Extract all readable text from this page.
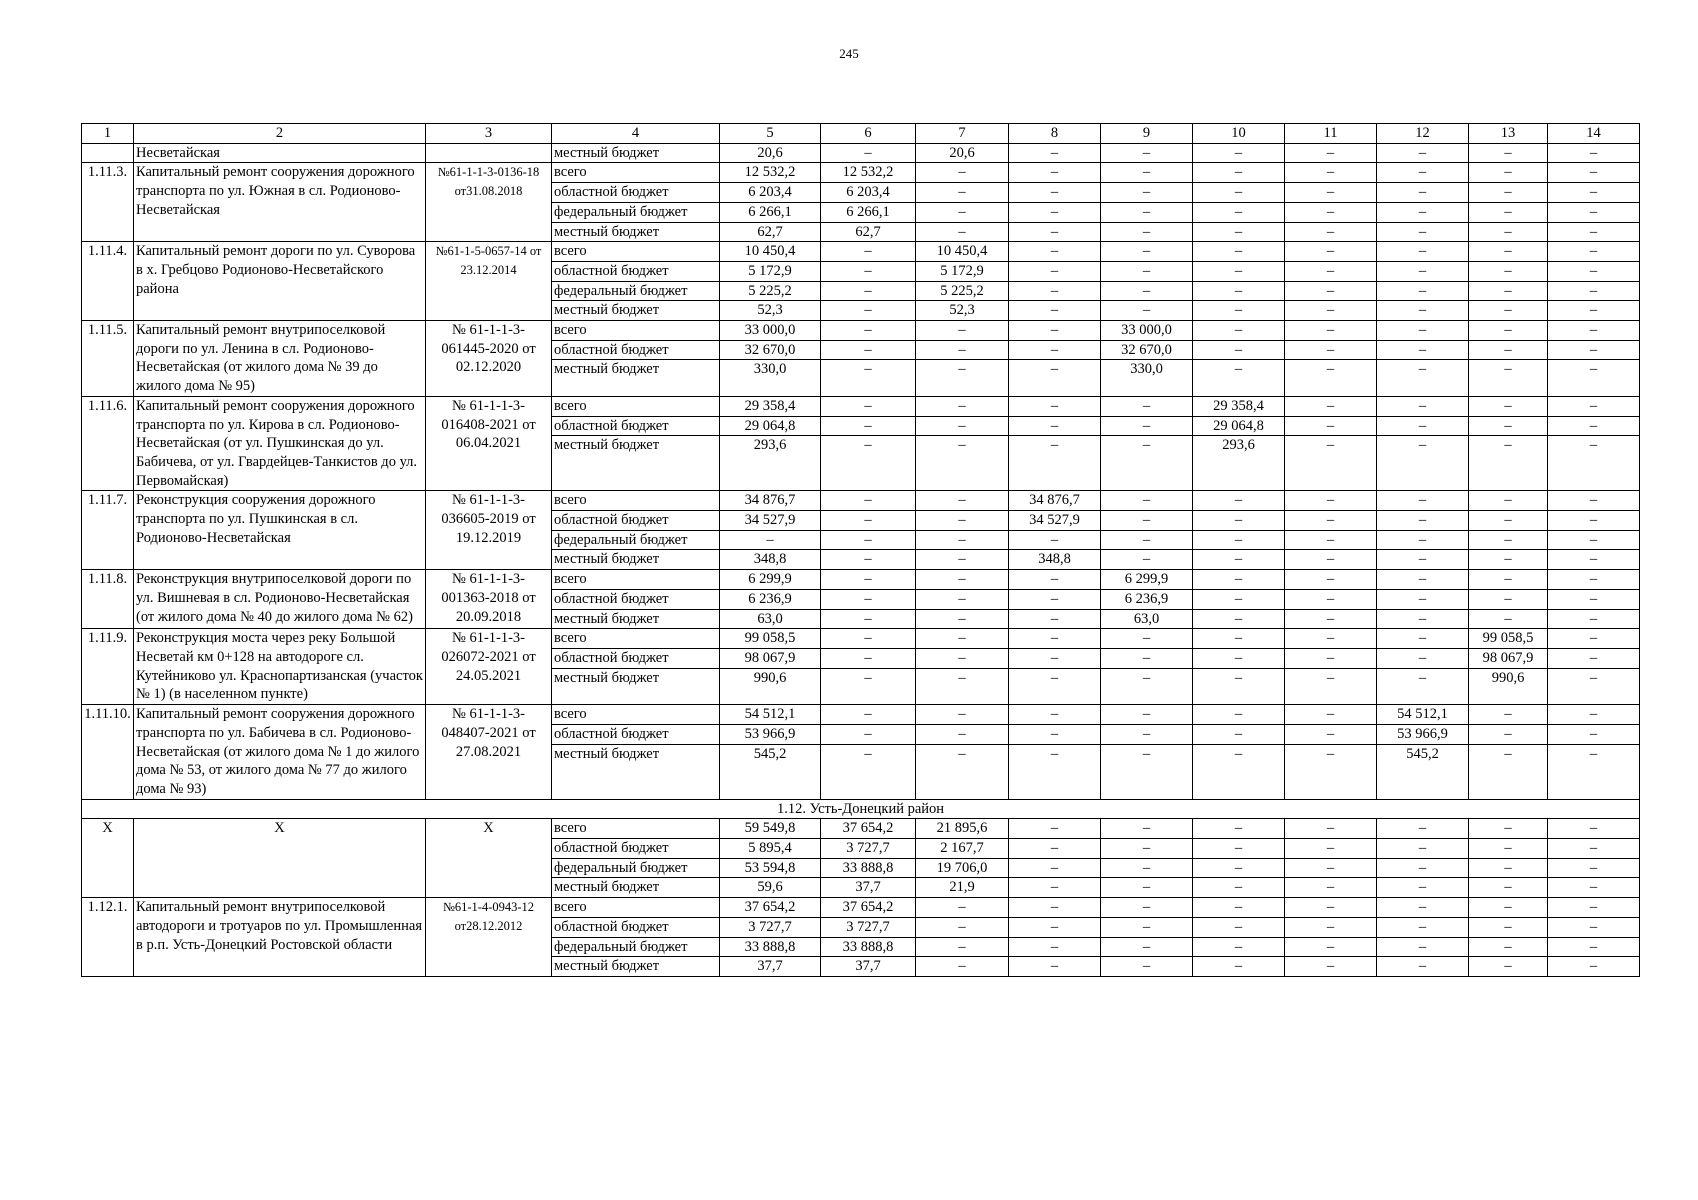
245
1	2	3	4	5	6	7	8	9	10	11	12	13	14
	Несветайская		местный бюджет	20,6	–	20,6	–	–	–	–	–	–	–
1.11.3.	Капитальный ремонт сооружения дорожного транспорта по ул. Южная в сл. Родионово-Несветайская	№61-1-1-3-0136-18 от31.08.2018	всего	12 532,2	12 532,2	–	–	–	–	–	–	–	–
			областной бюджет	6 203,4	6 203,4	–	–	–	–	–	–	–	–
			федеральный бюджет	6 266,1	6 266,1	–	–	–	–	–	–	–	–
			местный бюджет	62,7	62,7	–	–	–	–	–	–	–	–
1.11.4.	Капитальный ремонт дороги по ул. Суворова в х. Гребцово Родионово-Несветайского района	№61-1-5-0657-14 от 23.12.2014	всего	10 450,4	–	10 450,4	–	–	–	–	–	–	–
			областной бюджет	5 172,9	–	5 172,9	–	–	–	–	–	–	–
			федеральный бюджет	5 225,2	–	5 225,2	–	–	–	–	–	–	–
			местный бюджет	52,3	–	52,3	–	–	–	–	–	–	–
1.11.5.	Капитальный ремонт внутрипоселковой дороги по ул. Ленина в сл. Родионово-Несветайская (от жилого дома № 39 до жилого дома № 95)	№ 61-1-1-3-061445-2020 от 02.12.2020	всего	33 000,0	–	–	–	33 000,0	–	–	–	–	–
			областной бюджет	32 670,0	–	–	–	32 670,0	–	–	–	–	–
			местный бюджет	330,0	–	–	–	330,0	–	–	–	–	–

1.11.6.	Капитальный ремонт сооружения дорожного транспорта по ул. Кирова в сл. Родионово-Несветайская (от ул. Пушкинская до ул. Бабичева, от ул. Гвардейцев-Танкистов до ул. Первомайская)	№ 61-1-1-3-016408-2021 от 06.04.2021	всего	29 358,4	–	–	–	–	29 358,4	–	–	–	–
			областной бюджет	29 064,8	–	–	–	–	29 064,8	–	–	–	–
			местный бюджет	293,6	–	–	–	–	293,6	–	–	–	–

1.11.7.	Реконструкция сооружения дорожного транспорта по ул. Пушкинская в сл. Родионово-Несветайская	№ 61-1-1-3-036605-2019 от 19.12.2019	всего	34 876,7	–	–	34 876,7	–	–	–	–	–	–
			областной бюджет	34 527,9	–	–	34 527,9	–	–	–	–	–	–
			федеральный бюджет	–	–	–	–	–	–	–	–	–	–
			местный бюджет	348,8	–	–	348,8	–	–	–	–	–	–
1.11.8.	Реконструкция внутрипоселковой дороги по ул. Вишневая в сл. Родионово-Несветайская (от жилого дома № 40 до жилого дома № 62)	№ 61-1-1-3-001363-2018 от 20.09.2018	всего	6 299,9	–	–	–	6 299,9	–	–	–	–	–
			областной бюджет	6 236,9	–	–	–	6 236,9	–	–	–	–	–
			местный бюджет	63,0	–	–	–	63,0	–	–	–	–	–

1.11.9.	Реконструкция моста через реку Большой Несветай км 0+128 на автодороге сл. Кутейниково ул. Краснопартизанская (участок № 1) (в населенном пункте)	№ 61-1-1-3-026072-2021 от 24.05.2021	всего	99 058,5	–	–	–	–	–	–	–	99 058,5	–
			областной бюджет	98 067,9	–	–	–	–	–	–	–	98 067,9	–
			местный бюджет	990,6	–	–	–	–	–	–	–	990,6	–

1.11.10.	Капитальный ремонт сооружения дорожного транспорта по ул. Бабичева в сл. Родионово-Несветайская (от жилого дома № 1 до жилого дома № 53, от жилого дома № 77 до жилого дома № 93)	№ 61-1-1-3-048407-2021 от 27.08.2021	всего	54 512,1	–	–	–	–	–	–	54 512,1	–	–
			областной бюджет	53 966,9	–	–	–	–	–	–	53 966,9	–	–
			местный бюджет	545,2	–	–	–	–	–	–	545,2	–	–

1.12. Усть-Донецкий район													
Х	Х	Х	всего	59 549,8	37 654,2	21 895,6	–	–	–	–	–	–	–
			областной бюджет	5 895,4	3 727,7	2 167,7	–	–	–	–	–	–	–
			федеральный бюджет	53 594,8	33 888,8	19 706,0	–	–	–	–	–	–	–
			местный бюджет	59,6	37,7	21,9	–	–	–	–	–	–	–
1.12.1.	Капитальный ремонт внутрипоселковой автодороги и тротуаров по ул. Промышленная в р.п. Усть-Донецкий Ростовской области	№61-1-4-0943-12 от28.12.2012	всего	37 654,2	37 654,2	–	–	–	–	–	–	–	–
			областной бюджет	3 727,7	3 727,7	–	–	–	–	–	–	–	–
			федеральный бюджет	33 888,8	33 888,8	–	–	–	–	–	–	–	–
			местный бюджет	37,7	37,7	–	–	–	–	–	–	–	–
